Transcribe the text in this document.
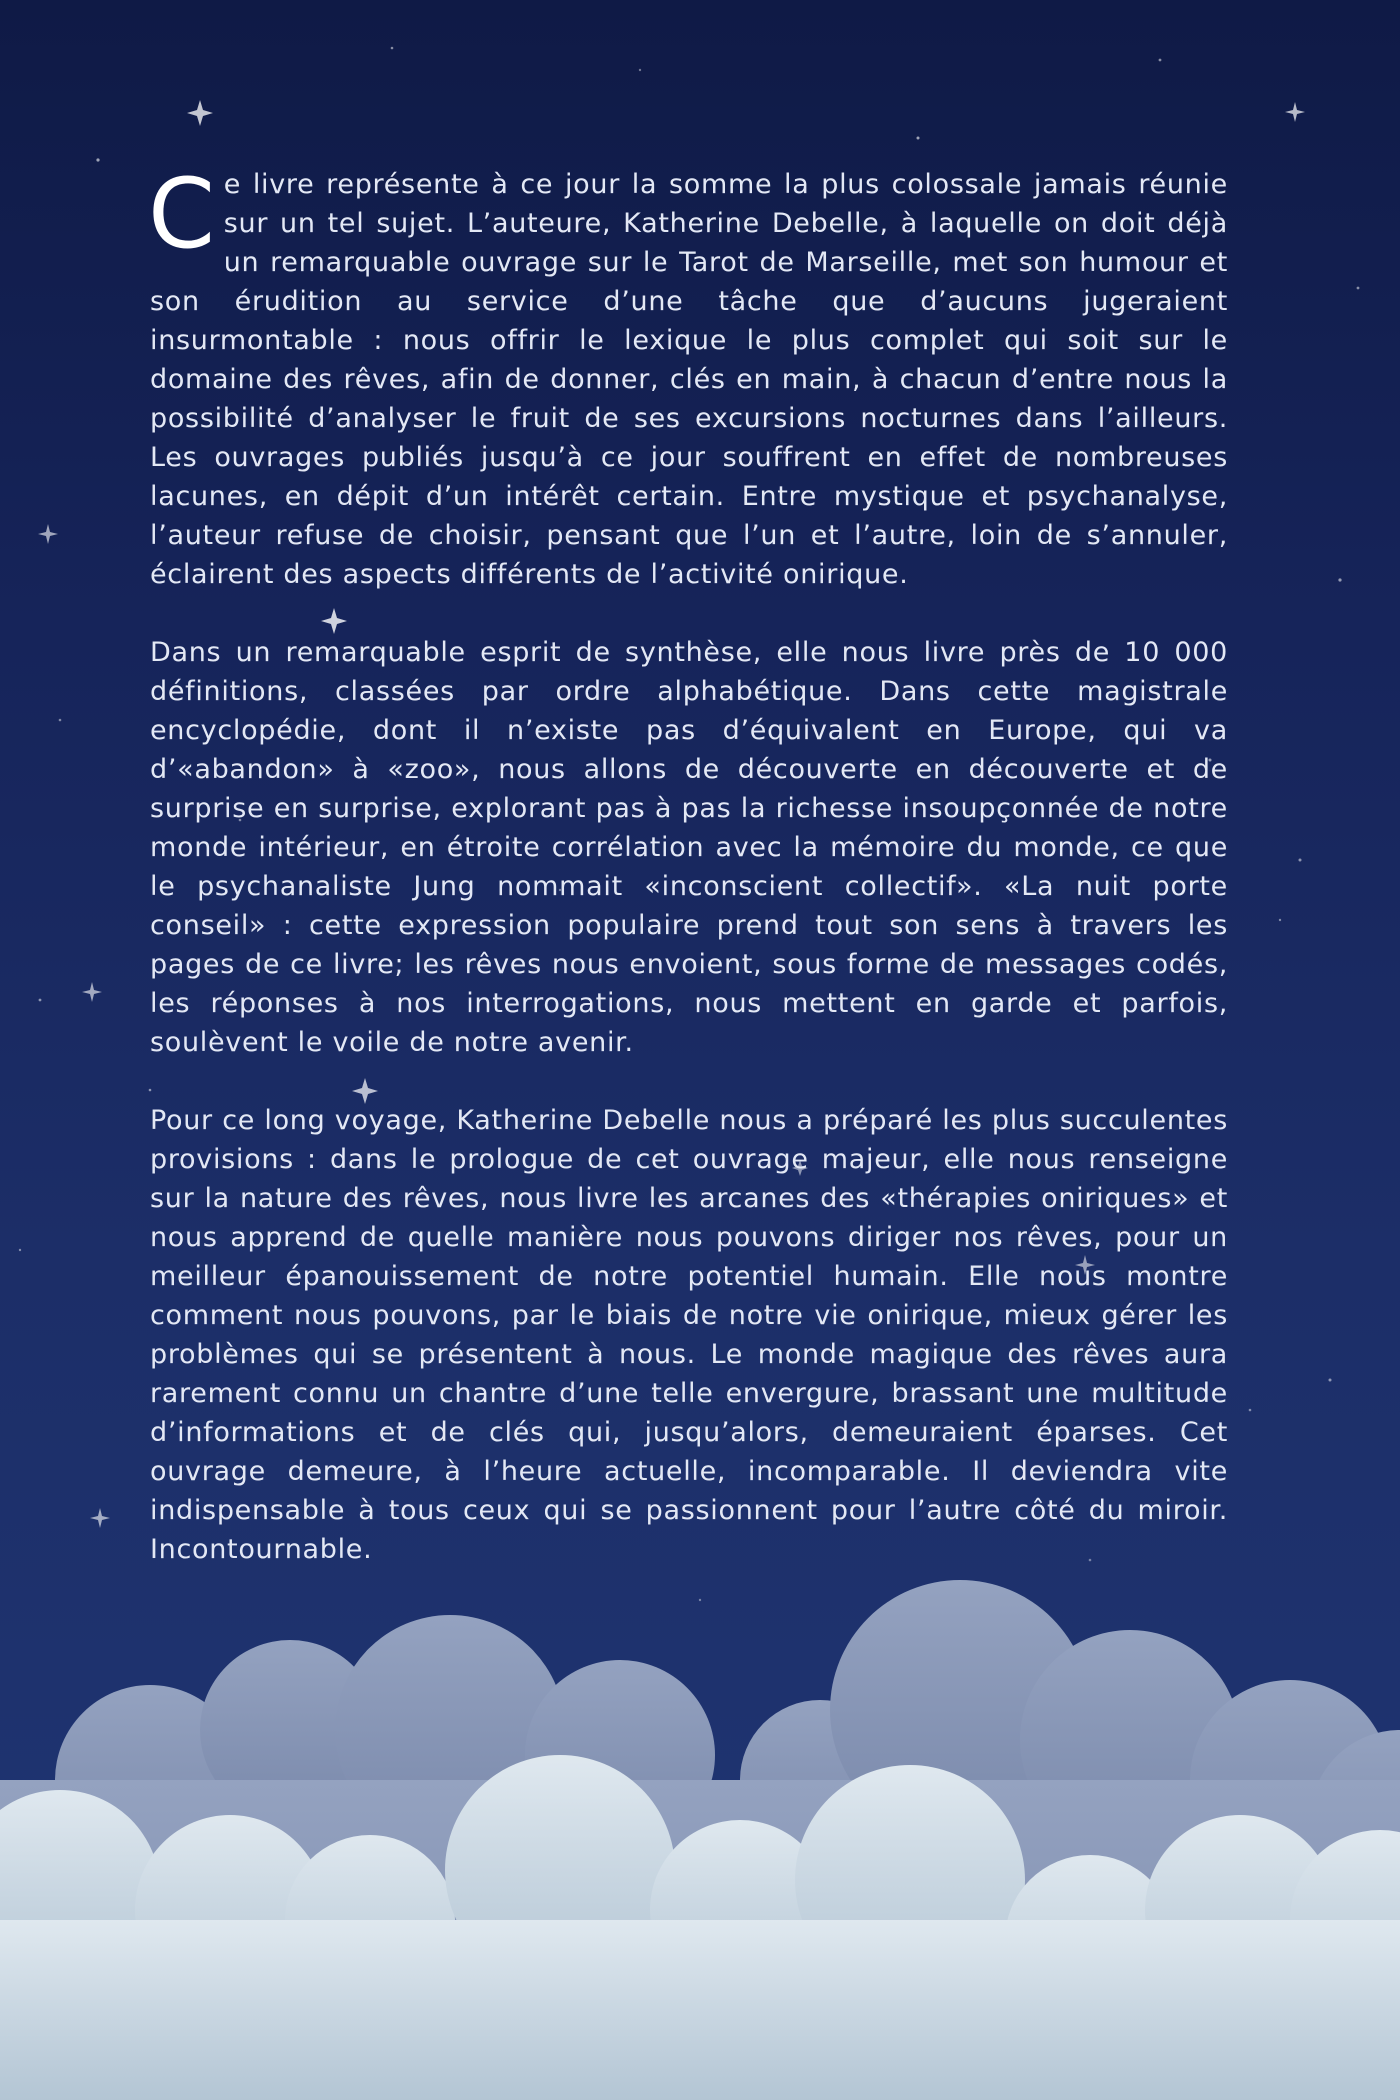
Ce livre représente à ce jour la somme la plus colossale jamais réunie sur un tel sujet. L’auteure, Katherine Debelle, à laquelle on doit déjà un remarquable ouvrage sur le Tarot de Marseille, met son humour et son érudition au service d’une tâche que d’aucuns jugeraient insurmontable : nous offrir le lexique le plus complet qui soit sur le domaine des rêves, afin de donner, clés en main, à chacun d’entre nous la possibilité d’analyser le fruit de ses excursions nocturnes dans l’ailleurs. Les ouvrages publiés jusqu’à ce jour souffrent en effet de nombreuses lacunes, en dépit d’un intérêt certain. Entre mystique et psychanalyse, l’auteur refuse de choisir, pensant que l’un et l’autre, loin de s’annuler, éclairent des aspects différents de l’activité onirique.

Dans un remarquable esprit de synthèse, elle nous livre près de 10 000 définitions, classées par ordre alphabétique. Dans cette magistrale encyclopédie, dont il n’existe pas d’équivalent en Europe, qui va d’«abandon» à «zoo», nous allons de découverte en découverte et de surprise en surprise, explorant pas à pas la richesse insoupçonnée de notre monde intérieur, en étroite corrélation avec la mémoire du monde, ce que le psychanaliste Jung nommait «inconscient collectif». «La nuit porte conseil» : cette expression populaire prend tout son sens à travers les pages de ce livre; les rêves nous envoient, sous forme de messages codés, les réponses à nos interrogations, nous mettent en garde et parfois, soulèvent le voile de notre avenir.

Pour ce long voyage, Katherine Debelle nous a préparé les plus succulentes provisions : dans le prologue de cet ouvrage majeur, elle nous renseigne sur la nature des rêves, nous livre les arcanes des «thérapies oniriques» et nous apprend de quelle manière nous pouvons diriger nos rêves, pour un meilleur épanouissement de notre potentiel humain. Elle nous montre comment nous pouvons, par le biais de notre vie onirique, mieux gérer les problèmes qui se présentent à nous. Le monde magique des rêves aura rarement connu un chantre d’une telle envergure, brassant une multitude d’informations et de clés qui, jusqu’alors, demeuraient éparses. Cet ouvrage demeure, à l’heure actuelle, incomparable. Il deviendra vite indispensable à tous ceux qui se passionnent pour l’autre côté du miroir. Incontournable.
